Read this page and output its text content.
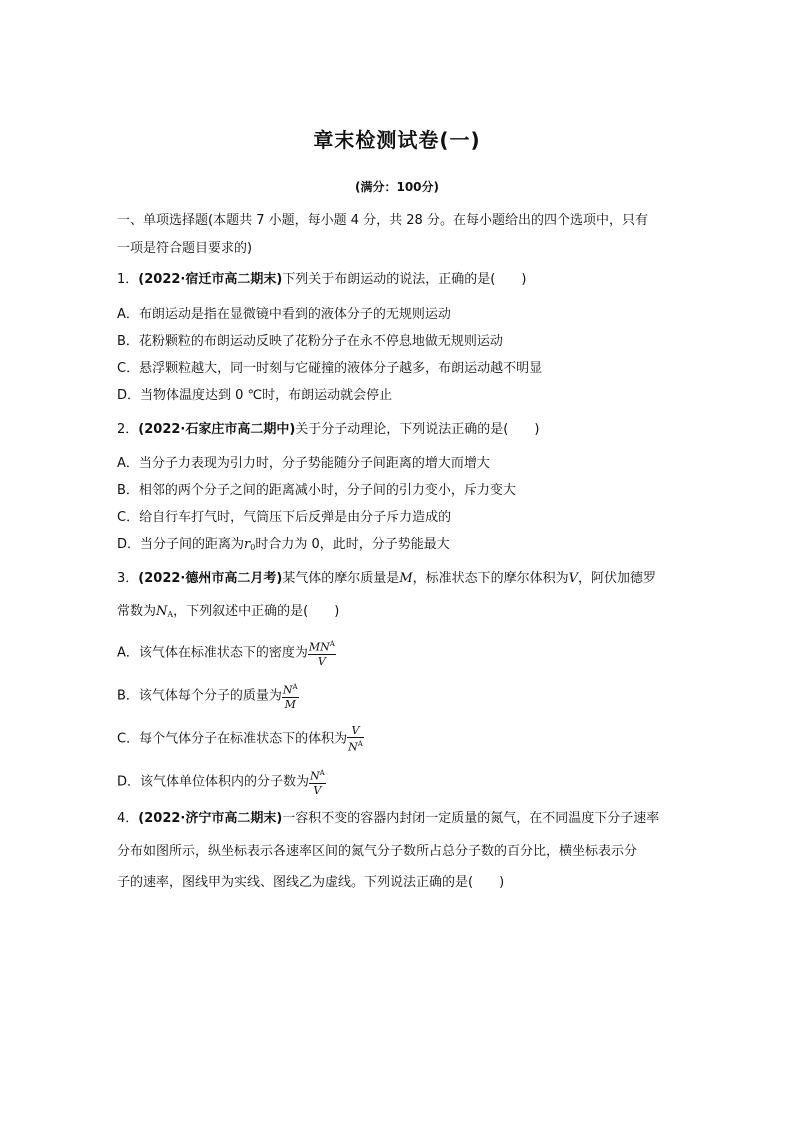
章末检测试卷(一)
(满分：100分)
一、单项选择题(本题共 7 小题，每小题 4 分，共 28 分。在每小题给出的四个选项中，只有
一项是符合题目要求的)
1．(2022·宿迁市高二期末)下列关于布朗运动的说法，正确的是(　　)
A．布朗运动是指在显微镜中看到的液体分子的无规则运动
B．花粉颗粒的布朗运动反映了花粉分子在永不停息地做无规则运动
C．悬浮颗粒越大，同一时刻与它碰撞的液体分子越多，布朗运动越不明显
D．当物体温度达到 0 ℃时，布朗运动就会停止
2．(2022·石家庄市高二期中)关于分子动理论，下列说法正确的是(　　)
A．当分子力表现为引力时，分子势能随分子间距离的增大而增大
B．相邻的两个分子之间的距离减小时，分子间的引力变小，斥力变大
C．给自行车打气时，气筒压下后反弹是由分子斥力造成的
D．当分子间的距离为$r_0$时合力为 0，此时，分子势能最大
3．(2022·德州市高二月考)某气体的摩尔质量是M，标准状态下的摩尔体积为V，阿伏加德罗
常数为$N_A$，下列叙述中正确的是(　　)
A．该气体在标准状态下的密度为 $\frac{MN^A}{V}$
B．该气体每个分子的质量为 $\frac{N^A}{M}$
C．每个气体分子在标准状态下的体积为 $\frac{V}{N^A}$
D．该气体单位体积内的分子数为 $\frac{N^A}{V}$
4．(2022·济宁市高二期末)一容积不变的容器内封闭一定质量的氮气，在不同温度下分子速率
分布如图所示，纵坐标表示各速率区间的氮气分子数所占总分子数的百分比，横坐标表示分
子的速率，图线甲为实线、图线乙为虚线。下列说法正确的是(　　)
